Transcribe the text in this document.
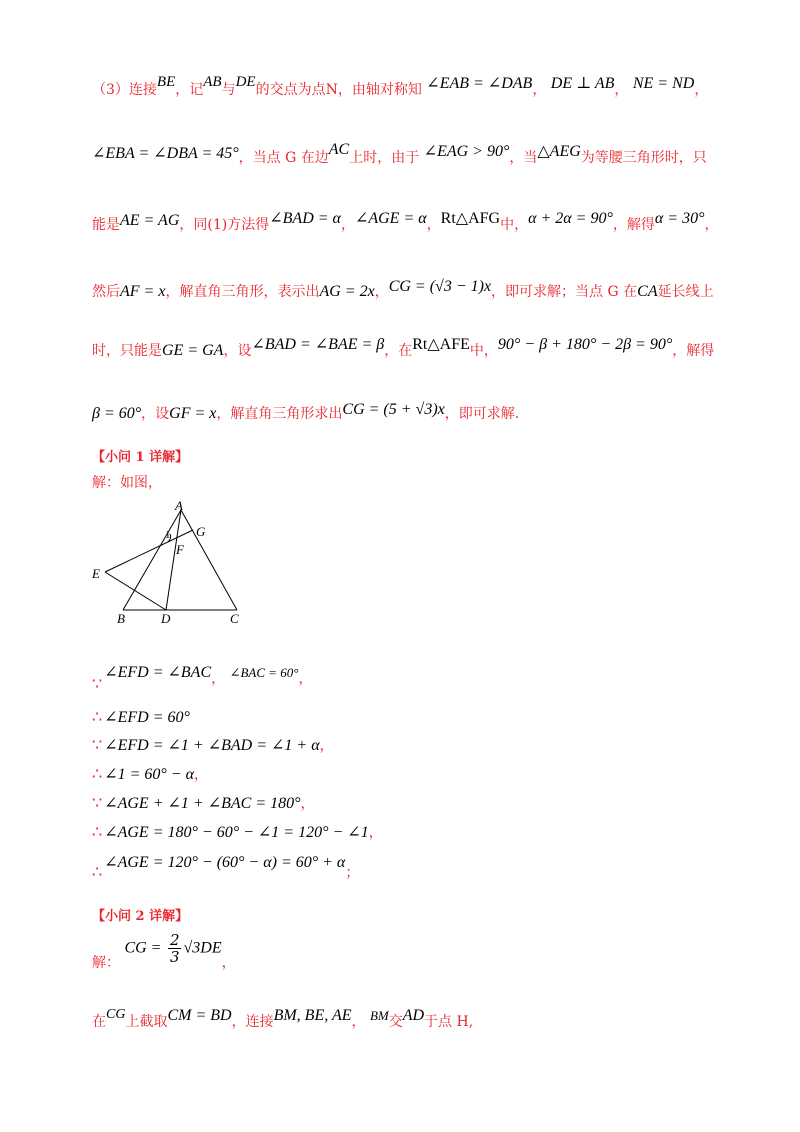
（3）连接BE，记AB与DE的交点为点N，由轴对称知 ∠EAB = ∠DAB， DE ⊥ AB， NE = ND，
∠EBA = ∠DBA = 45°，当点 G 在边AC上时，由于 ∠EAG > 90°，当△AEG为等腰三角形时，只
能是AE = AG，同(1)方法得∠BAD = α，∠AGE = α，Rt△AFG中，α + 2α = 90°，解得α = 30°，
然后AF = x，解直角三角形，表示出AG = 2x，CG = (√3 − 1)x，即可求解；当点 G 在CA延长线上
时，只能是GE = GA，设∠BAD = ∠BAE = β，在Rt△AFE中，90° − β + 180° − 2β = 90°，解得
β = 60°，设GF = x，解直角三角形求出CG = (5 + √3)x，即可求解.
【小问 1 详解】
解：如图，
A
G
1
F
E
B	D	C
∵∠EFD = ∠BAC， ∠BAC = 60°，
∴ ∠EFD = 60°
∵ ∠EFD = ∠1 + ∠BAD = ∠1 + α，
∴ ∠1 = 60° − α，
∵ ∠AGE + ∠1 + ∠BAC = 180°，
∴ ∠AGE = 180° − 60° − ∠1 = 120° − ∠1，
∴ ∠AGE = 120° − (60° − α) = 60° + α；
【小问 2 详解】
解： CG = $\frac{2}{3} √3DE$，
在CG上截取CM = BD，连接BM, BE, AE， BM交AD于点 H,
